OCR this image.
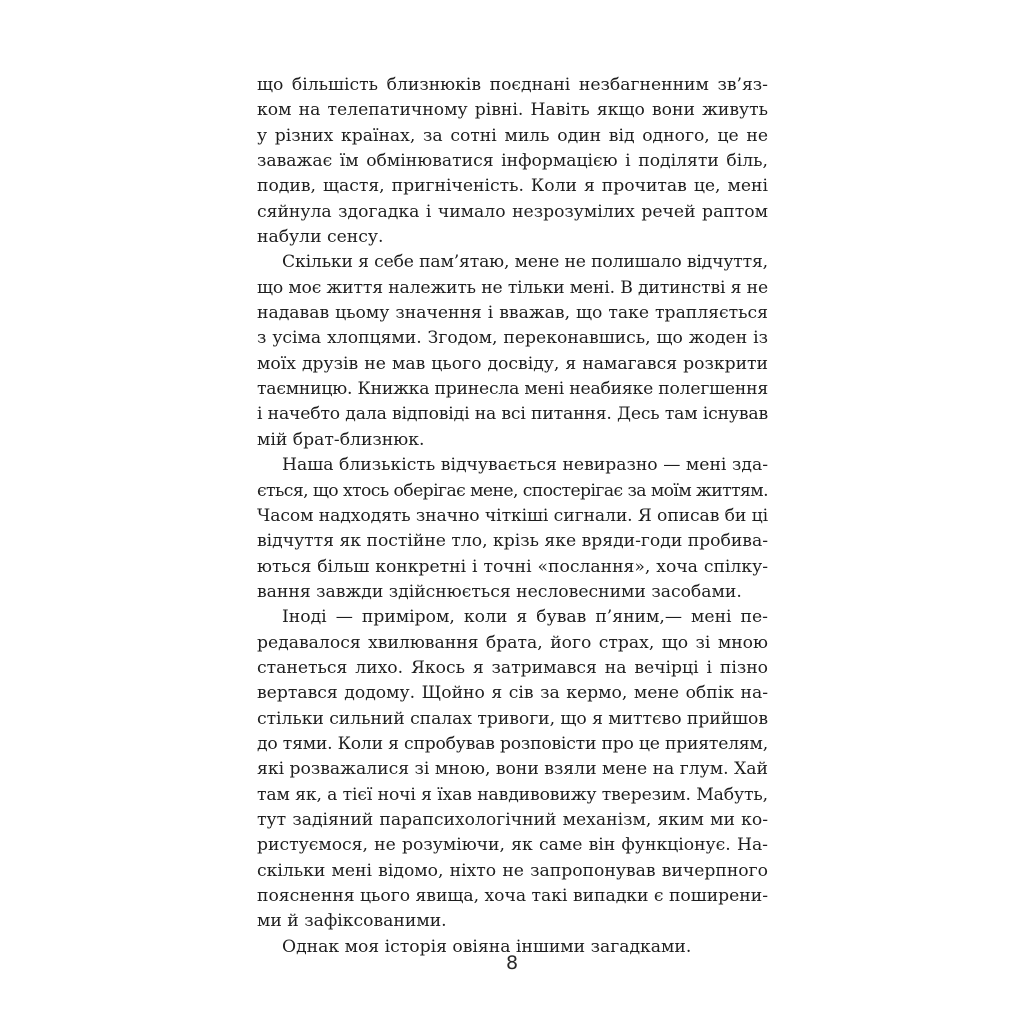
що більшість близнюків поєднані незбагненним зв’яз-
ком на телепатичному рівні. Навіть якщо вони живуть
у різних країнах, за сотні миль один від одного, це не
заважає їм обмінюватися інформацією і поділяти біль,
подив, щастя, пригніченість. Коли я прочитав це, мені
сяйнула здогадка і чимало незрозумілих речей раптом
набули сенсу.
Скільки я себе пам’ятаю, мене не полишало відчуття,
що моє життя належить не тільки мені. В дитинстві я не
надавав цьому значення і вважав, що таке трапляється
з усіма хлопцями. Згодом, переконавшись, що жоден із
моїх друзів не мав цього досвіду, я намагався розкрити
таємницю. Книжка принесла мені неабияке полегшення
і начебто дала відповіді на всі питання. Десь там існував
мій брат-близнюк.
Наша близькість відчувається невиразно — мені зда-
ється, що хтось оберігає мене, спостерігає за моїм життям.
Часом надходять значно чіткіші сигнали. Я описав би ці
відчуття як постійне тло, крізь яке вряди-годи пробива-
ються більш конкретні і точні «послання», хоча спілку-
вання завжди здійснюється несловесними засобами.
Іноді — приміром, коли я бував п’яним,— мені пе-
редавалося хвилювання брата, його страх, що зі мною
станеться лихо. Якось я затримався на вечірці і пізно
вертався додому. Щойно я сів за кермо, мене обпік на-
стільки сильний спалах тривоги, що я миттєво прийшов
до тями. Коли я спробував розповісти про це приятелям,
які розважалися зі мною, вони взяли мене на глум. Хай
там як, а тієї ночі я їхав навдивовижу тверезим. Мабуть,
тут задіяний парапсихологічний механізм, яким ми ко-
ристуємося, не розуміючи, як саме він функціонує. На-
скільки мені відомо, ніхто не запропонував вичерпного
пояснення цього явища, хоча такі випадки є поширени-
ми й зафіксованими.
Однак моя історія овіяна іншими загадками.
8
